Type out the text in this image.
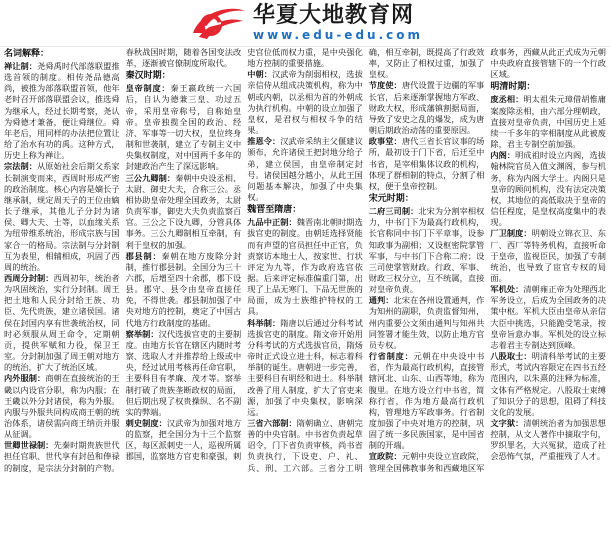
华夏大地教育网
www.edu-edu.com
名词解释：

禅让制：尧舜禹时代部落联盟推选首领的制度。相传尧品德高尚，被推为部落联盟首领，他年老时召开部落联盟会议，推选舜为继承人，经过长期考察，尧认为舜德才兼备，便让舜继位。舜年老后，用同样的办法把位置让给了治水有功的禹。这种方式，历史上称为禅让。

宗法制：从原始社会后期父系家长制演变而来，西周时形成严密的政治制度。核心内容是嫡长子继承制，规定周天子的王位由嫡长子继承，其他儿子分封为诸侯、卿大夫、士等，以血缘关系为纽带维系统治，形成宗族与国家合一的格局。宗法制与分封制互为表里，相辅相成，巩固了西周的统治。

西周分封制：西周初年，统治者为巩固统治，实行分封制。周王把土地和人民分封给王族、功臣、先代贵族，建立诸侯国。诸侯在封国内享有世袭统治权，同时必须服从周王命令，定期朝贡，提供军赋和力役，保卫王室。分封制加强了周王朝对地方的统治，扩大了统治区域。

内外服制：商朝在直接统治的王畿以内设官分职，称为内服；在王畿以外分封诸侯，称为外服。内服与外服共同构成商王朝的统治体系，诸侯需向商王纳贡并服从征调。

世卿世禄制：先秦时期贵族世代担任官职、世代享有封邑和俸禄的制度，是宗法分封制的产物。春秋战国时期，随着各国变法改革，逐渐被官僚制度所取代。

秦汉时期：

皇帝制度：秦王嬴政统一六国后，自认为德兼三皇、功过五帝，采用皇帝称号，自称始皇帝。皇帝独揽全国的政治、经济、军事等一切大权，皇位终身制和世袭制，建立了专制主义中央集权制度，对中国两千多年的封建政治产生了深远影响。

三公九卿制：秦朝中央设丞相、太尉、御史大夫，合称三公。丞相协助皇帝处理全国政务，太尉负责军事，御史大夫负责监察百官。三公之下设九卿，分管具体事务。三公九卿制相互牵制，有利于皇权的加强。

郡县制：秦朝在地方废除分封制，推行郡县制。全国分为三十六郡，后增至四十余郡，郡下设县。郡守、县令由皇帝直接任免，不得世袭。郡县制加强了中央对地方的控制，奠定了中国古代地方行政制度的基础。

察举制：汉代选拔官吏的主要制度。由地方长官在辖区内随时考察、选取人才并推荐给上级或中央，经过试用考核再任命官职，主要科目有孝廉、茂才等。察举制打破了贵族垄断政权的局面，但后期出现了权贵操纵、名不副实的弊端。

刺史制度：汉武帝为加强对地方的监察，把全国分为十三个监察区，每区派刺史一人，巡视所属郡国，监察地方官吏和豪强，刺史官位低而权力重，是中央强化地方控制的重要措施。

中朝：汉武帝为削弱相权，选拔亲信侍从组成决策机构，称为中朝或内朝，以丞相为首的外朝成为执行机构。中朝的设立加强了皇权，是君权与相权斗争的结果。

推恩令：汉武帝采纳主父偃建议颁布，允许诸侯王把封地分给子弟，建立侯国，由皇帝制定封号。诸侯国越分越小，从此王国问题基本解决，加强了中央集权。

魏晋至隋唐：

九品中正制：魏晋南北朝时期选拔官吏的制度。由朝廷选择贤能而有声望的官员担任中正官，负责察访本地士人，按家世、行状评定为九等，作为政府选官依据。后来评定标准偏重门第，出现了上品无寒门、下品无世族的局面，成为士族维护特权的工具。

科举制：隋唐以后通过分科考试选拔官吏的制度。隋文帝开始用分科考试的方式选拔官员，隋炀帝时正式设立进士科，标志着科举制的诞生。唐朝进一步完善，主要科目有明经和进士。科举制改善了用人制度，扩大了官吏来源，加强了中央集权，影响深远。

三省六部制：隋朝确立、唐朝完善的中央官制。中书省负责起草诏令，门下省负责审核，尚书省负责执行，下设吏、户、礼、兵、刑、工六部。三省分工明确，相互牵制，既提高了行政效率，又防止了相权过重，加强了皇权。

节度使：唐代设置于边疆的军事长官，后来逐渐掌握地方军政、财政大权，形成藩镇割据局面，导致了安史之乱的爆发，成为唐朝后期政治动荡的重要原因。

政事堂：唐代三省长官议事的场所，最初设于门下省，后迁至中书省，是宰相集体议政的机构，体现了群相制的特点，分割了相权，便于皇帝控制。

宋元时期：

二府三司制：北宋为分割宰相权力，中书门下为最高行政机构，长官称同中书门下平章事，设参知政事为副相；又设枢密院掌管军事，与中书门下合称二府；设三司使掌管财政。行政、军事、财政三权分立，互不统属，直接对皇帝负责。

通判：北宋在各州设置通判，作为知州的副职，负责监督知州，州内重要公文须由通判与知州共同签署才能生效，以防止地方官员专权。

行省制度：元朝在中央设中书省，作为最高行政机构，直接管辖河北、山东、山西等地，称为腹里。在地方设立行中书省，简称行省，作为地方最高行政机构，管理地方军政事务。行省制度加强了中央对地方的控制，巩固了统一多民族国家，是中国省制的开端。

宣政院：元朝中央设立宣政院，管理全国佛教事务和西藏地区军政事务，西藏从此正式成为元朝中央政府直接管辖下的一个行政区域。

明清时期：

废丞相：明太祖朱元璋借胡惟庸案废除丞相，由六部分理朝政，直接对皇帝负责，中国历史上延续一千多年的宰相制度从此被废除，君主专制空前加强。

内阁：明成祖时设立内阁，选拔翰林院官员入值文渊阁，参与机务，称为内阁大学士。内阁只是皇帝的顾问机构，没有法定决策权，其地位的高低取决于皇帝的信任程度，是皇权高度集中的表现。

厂卫制度：明朝设立锦衣卫、东厂、西厂等特务机构，直接听命于皇帝，监视臣民，加强了专制统治，也导致了宦官专权的局面。

军机处：清朝雍正帝为处理西北军务设立，后成为全国政务的决策中枢。军机大臣由皇帝从亲信大臣中挑选，只能跪受笔录，按皇帝旨意办事。军机处的设立标志着君主专制达到顶峰。

八股取士：明清科举考试的主要形式，考试内容限定在四书五经范围内，以朱熹的注释为标准，文体有严格规定。八股取士束缚了知识分子的思想，阻碍了科技文化的发展。

文字狱：清朝统治者为加强思想控制，从文人著作中摘取字句，罗织罪名，大兴冤狱，造成了社会恐怖气氛，严重摧残了人才。
